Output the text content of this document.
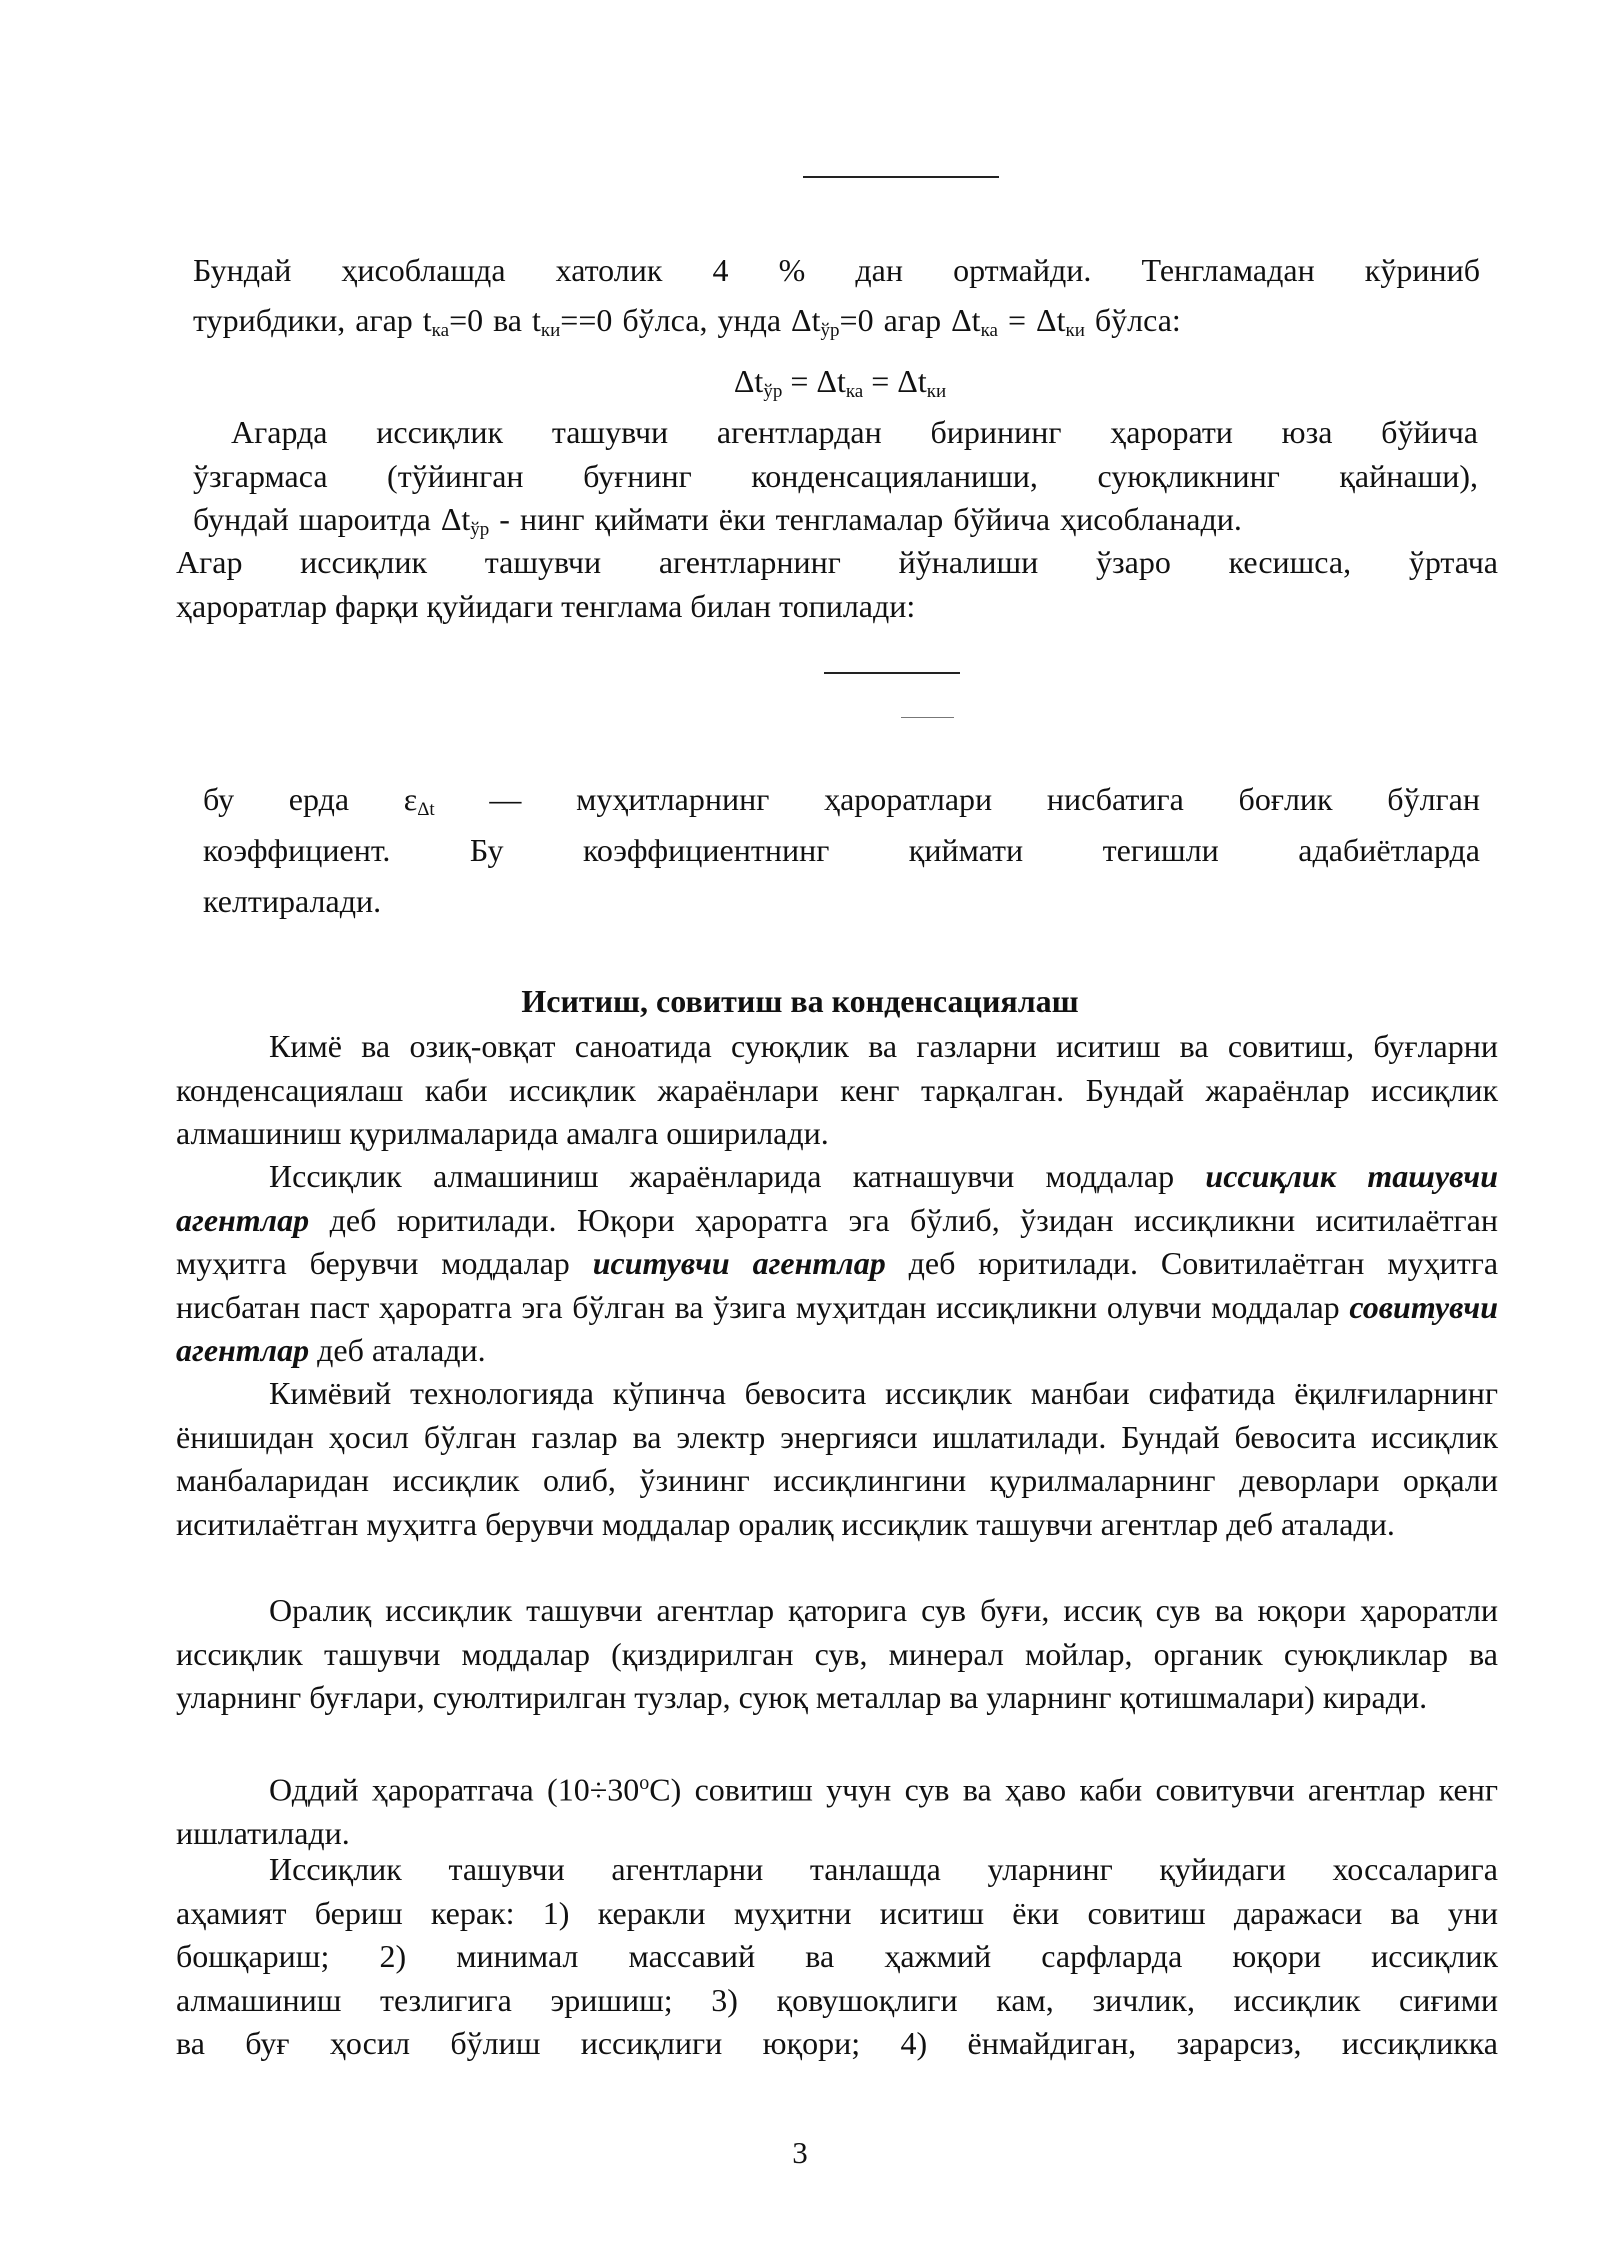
Бундай ҳисоблашда хатолик 4 % дан ортмайди. Тенгламадан кўриниб

турибдики, агар $t_{ка}=0$ ва $t_{ки}==0$ бўлса, унда $\Delta t_{ўр}=0$ агар $\Delta t_{ка} = \Delta t_{ки}$ бўлса:

$\Delta t_{ўр} = \Delta t_{ка} = \Delta t_{ки}$

Агарда иссиқлик ташувчи агентлардан бирининг ҳарорати юза бўйича

ўзгармаса (тўйинган буғнинг конденсацияланиши, суюқликнинг қайнаши),

бундай шароитда $\Delta t_{ўр}$ - нинг қиймати ёки тенгламалар бўйича ҳисобланади.

Агар иссиқлик ташувчи агентларнинг йўналиши ўзаро кесишса, ўртача

ҳароратлар фарқи қуйидаги тенглама билан топилади:

бу ерда $\varepsilon_{\Delta t}$ — муҳитларнинг ҳароратлари нисбатига боғлик бўлган

коэффициент. Бу коэффициентнинг қиймати тегишли адабиётларда

келтиралади.

Иситиш, совитиш ва конденсациялаш

Кимё ва озиқ-овқат саноатида суюқлик ва газларни иситиш ва совитиш, буғларни конденсациялаш каби иссиқлик жараёнлари кенг тарқалган. Бундай жараёнлар иссиқлик алмашиниш қурилмаларида амалга оширилади.

Иссиқлик алмашиниш жараёнларида катнашувчи моддалар иссиқлик ташувчи агентлар деб юритилади. Юқори ҳароратга эга бўлиб, ўзидан иссиқликни иситилаётган муҳитга берувчи моддалар иситувчи агентлар деб юритилади. Совитилаётган муҳитга нисбатан паст ҳароратга эга бўлган ва ўзига муҳитдан иссиқликни олувчи моддалар совитувчи агентлар деб аталади.

Кимёвий технологияда кўпинча бевосита иссиқлик манбаи сифатида ёқилғиларнинг ёнишидан ҳосил бўлган газлар ва электр энергияси ишлатилади. Бундай бевосита иссиқлик манбаларидан иссиқлик олиб, ўзининг иссиқлингини қурилмаларнинг деворлари орқали иситилаётган муҳитга берувчи моддалар оралиқ иссиқлик ташувчи агентлар деб аталади.

Оралиқ иссиқлик ташувчи агентлар қаторига сув буғи, иссиқ сув ва юқори ҳароратли иссиқлик ташувчи моддалар (қиздирилган сув, минерал мойлар, органик суюқликлар ва уларнинг буғлари, суюлтирилган тузлар, суюқ металлар ва уларнинг қотишмалари) киради.

Оддий ҳароратгача $(10\div 30^оС)$ совитиш учун сув ва ҳаво каби совитувчи агентлар кенг ишлатилади.

Иссиқлик ташувчи агентларни танлашда уларнинг қуйидаги хоссаларига

аҳамият бериш керак: 1) керакли муҳитни иситиш ёки совитиш даражаси ва уни

бошқариш; 2) минимал массавий ва ҳажмий сарфларда юқори иссиқлик

алмашиниш тезлигига эришиш; 3) қовушоқлиги кам, зичлик, иссиқлик сиғими

ва буғ ҳосил бўлиш иссиқлиги юқори; 4) ёнмайдиган, зарарсиз, иссиқликка

3
